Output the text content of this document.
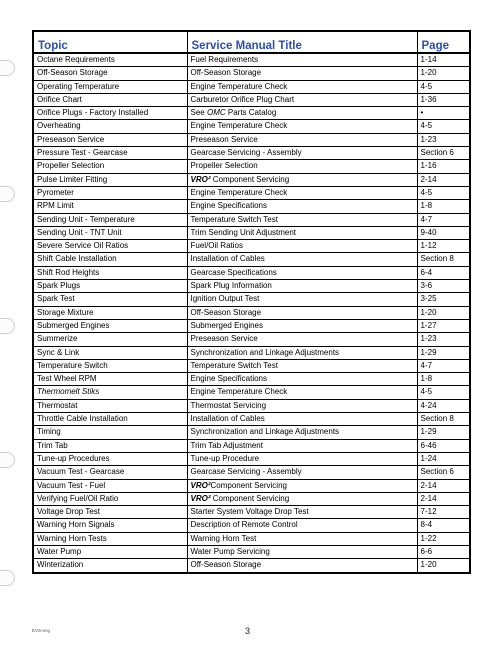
Topic	Service Manual Title	Page
Octane Requirements	Fuel Requirements	1-14
Off-Season Storage	Off-Season Storage	1-20
Operating Temperature	Engine Temperature Check	4-5
Orifice Chart	Carburetor Orifice Plug Chart	1-36
Orifice Plugs - Factory Installed	See OMC Parts Catalog	•
Overheating	Engine Temperature Check	4-5
Preseason Service	Preseason Service	1-23
Pressure Test - Gearcase	Gearcase Servicing - Assembly	Section 6
Propeller Selection	Propeller Selection	1-16
Pulse Limiter Fitting	VRO² Component Servicing	2-14
Pyrometer	Engine Temperature Check	4-5
RPM Limit	Engine Specifications	1-8
Sending Unit - Temperature	Temperature Switch Test	4-7
Sending Unit - TNT Unit	Trim Sending Unit Adjustment	9-40
Severe Service Oil Ratios	Fuel/Oil Ratios	1-12
Shift Cable Installation	Installation of Cables	Section 8
Shift Rod Heights	Gearcase Specifications	6-4
Spark Plugs	Spark Plug Information	3-6
Spark Test	Ignition Output Test	3-25
Storage Mixture	Off-Season Storage	1-20
Submerged Engines	Submerged Engines	1-27
Summerize	Preseason Service	1-23
Sync & Link	Synchronization and Linkage Adjustments	1-29
Temperature Switch	Temperature Switch Test	4-7
Test Wheel RPM	Engine Specifications	1-8
Thermomelt Stiks	Engine Temperature Check	4-5
Thermostat	Thermostat Servicing	4-24
Throttle Cable Installation	Installation of Cables	Section 8
Timing	Synchronization and Linkage Adjustments	1-29
Trim Tab	Trim Tab Adjustment	6-46
Tune-up Procedures	Tune-up Procedure	1-24
Vacuum Test - Gearcase	Gearcase Servicing - Assembly	Section 6
Vacuum Test - Fuel	VRO²Component Servicing	2-14
Verifying Fuel/Oil Ratio	VRO² Component Servicing	2-14
Voltage Drop Test	Starter System Voltage Drop Test	7-12
Warning Horn Signals	Description of Remote Control	8-4
Warning Horn Tests	Warning Horn Test	1-22
Water Pump	Water Pump Servicing	6-6
Winterization	Off-Season Storage	1-20
EVS-eng	3
